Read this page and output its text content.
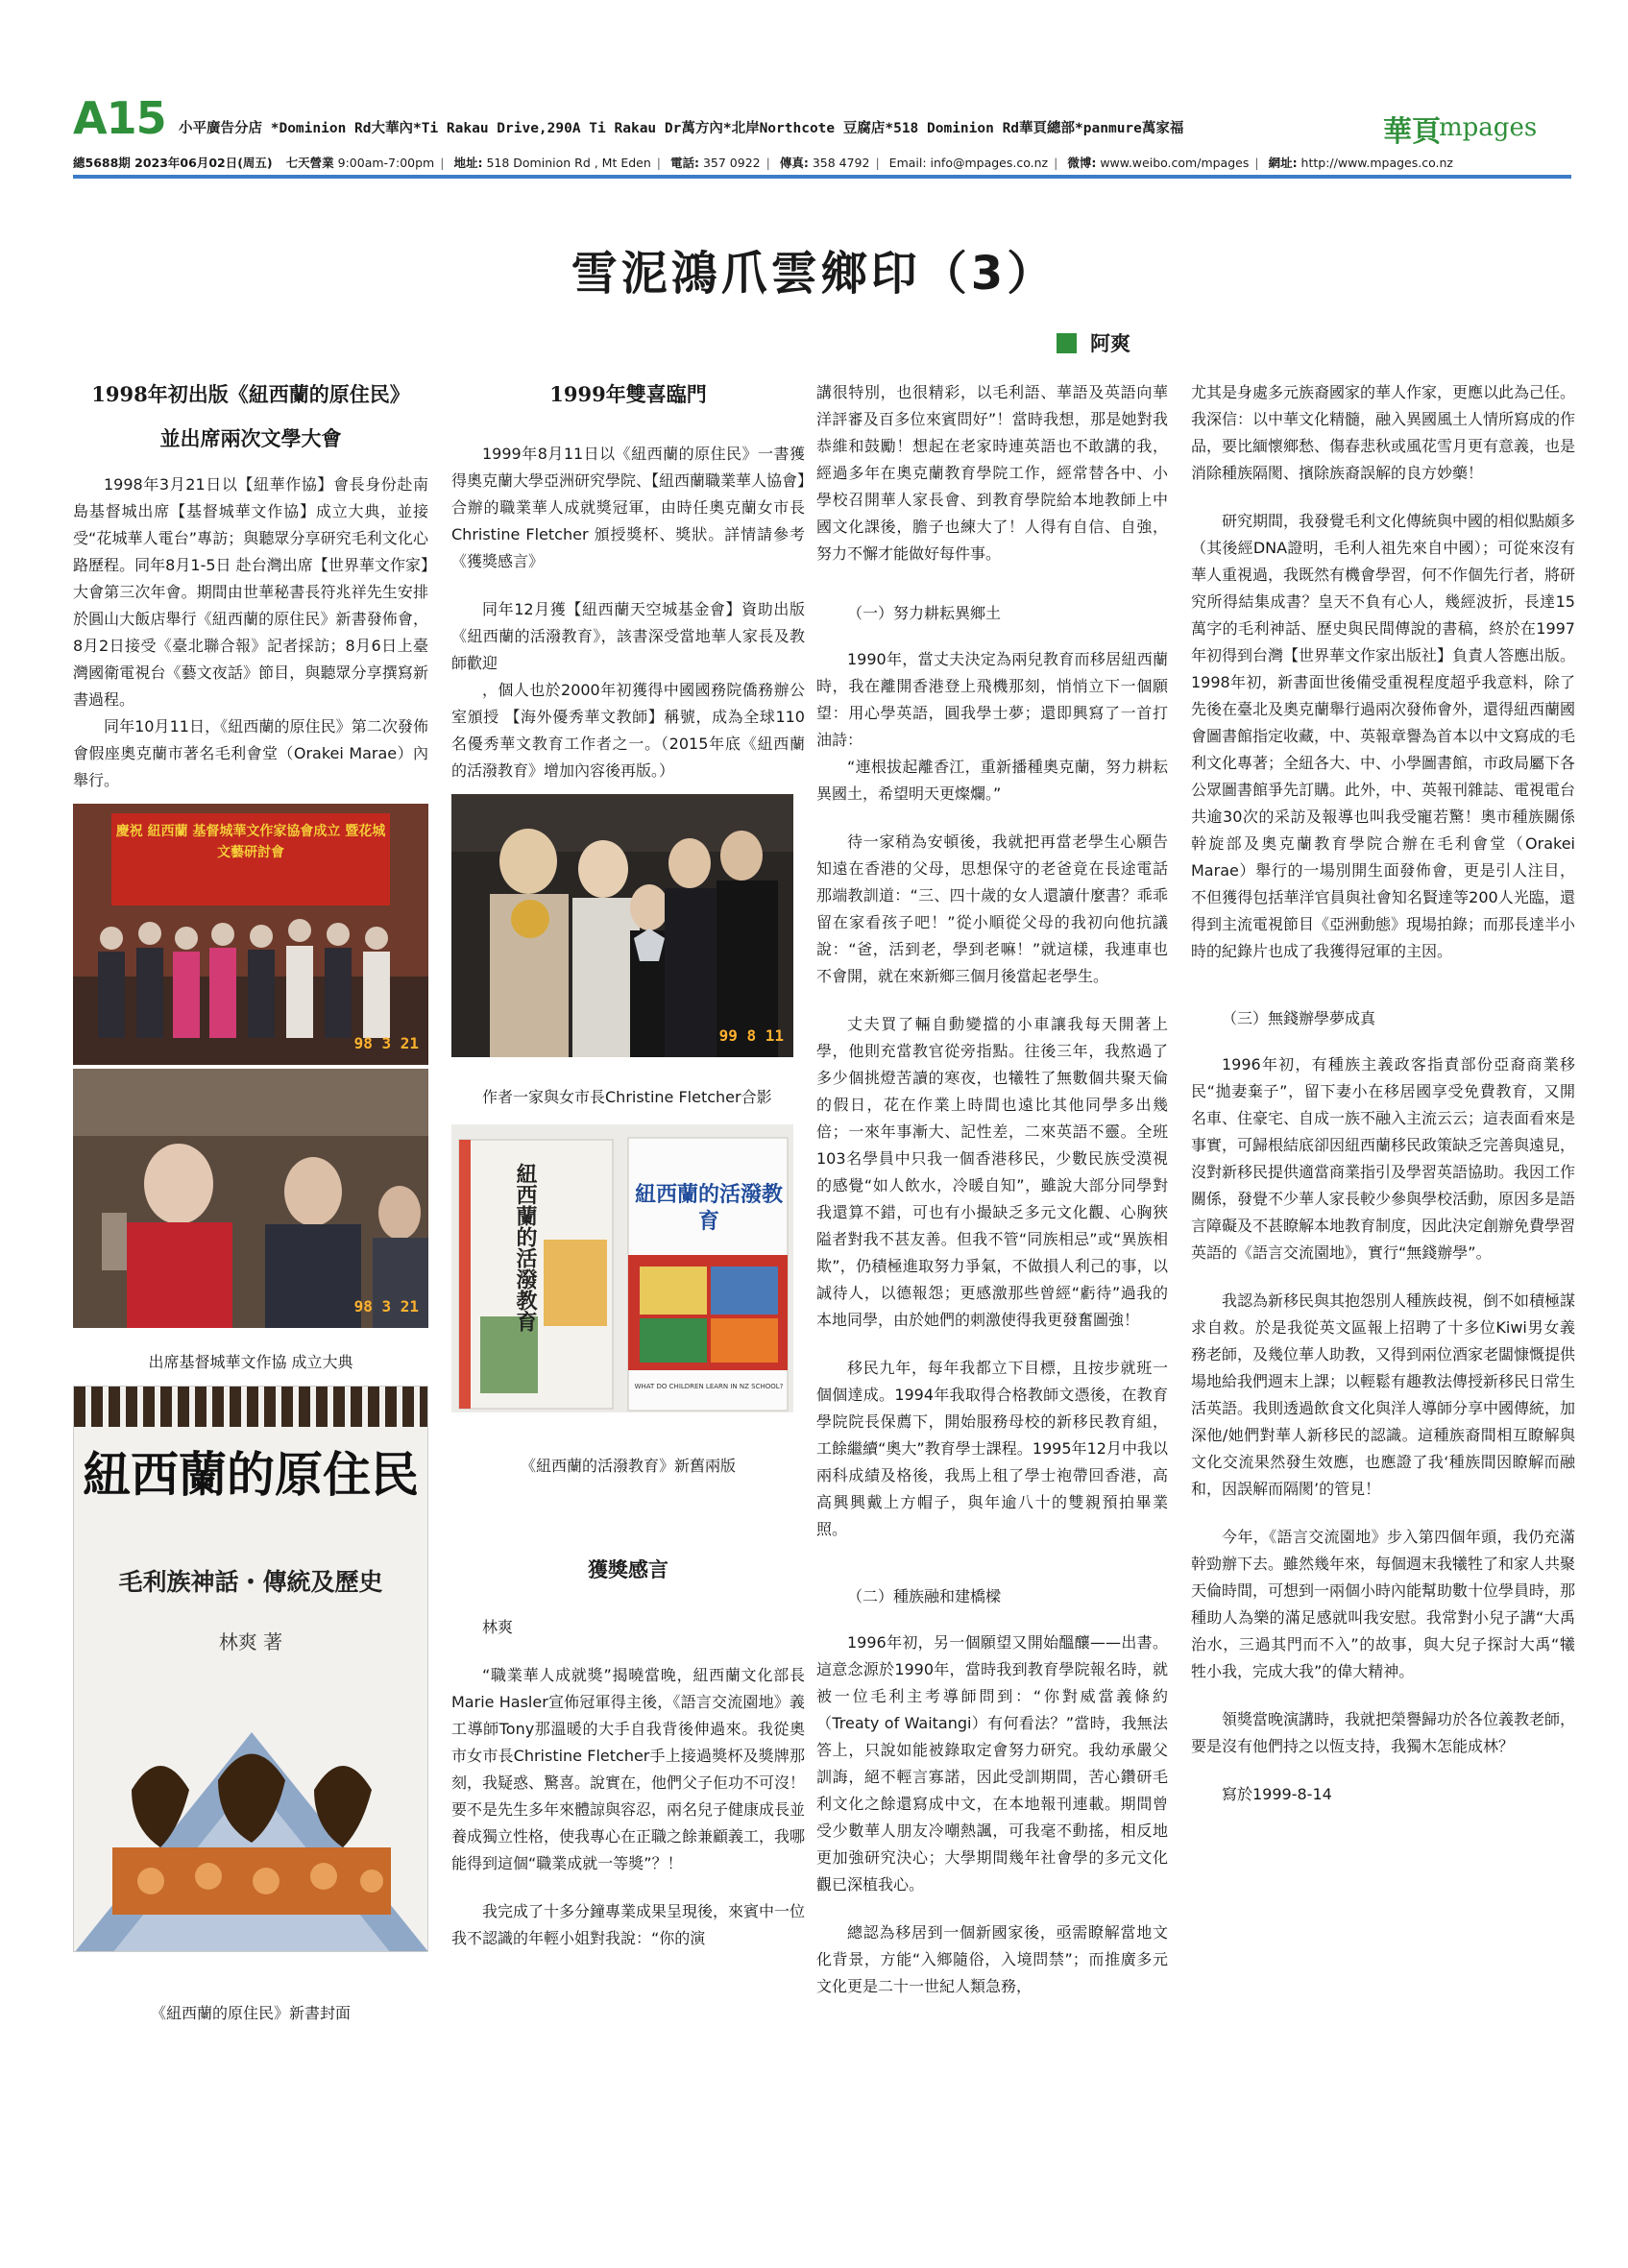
A15 小平廣告分店 *Dominion Rd大華內*Ti Rakau Drive,290A Ti Rakau Dr萬方內*北岸Northcote 豆腐店*518 Dominion Rd華頁總部*panmure萬家福	華頁
mpages
總5688期 2023年06月02日(周五) 七天營業 9:00am-7:00pm | 地址: 518 Dominion Rd , Mt Eden | 電話: 357 0922 | 傳真: 358 4792 | Email: info@mpages.co.nz | 微博: www.weibo.com/mpages | 網址: http://www.mpages.co.nz
雪泥鴻爪雲鄉印（3）
阿爽
1998年初出版《紐西蘭的原住民》
並出席兩次文學大會

1998年3月21日以【紐華作協】會長身份赴南島基督城出席【基督城華文作協】成立大典，並接受“花城華人電台”專訪；與聽眾分享研究毛利文化心路歷程。同年8月1-5日 赴台灣出席【世界華文作家】大會第三次年會。期間由世華秘書長符兆祥先生安排於圓山大飯店舉行《紐西蘭的原住民》新書發佈會，8月2日接受《臺北聯合報》記者採訪；8月6日上臺灣國衛電視台《藝文夜話》節目，與聽眾分享撰寫新書過程。

同年10月11日，《紐西蘭的原住民》第二次發佈會假座奧克蘭市著名毛利會堂（Orakei Marae）內舉行。

慶祝 紐西蘭 基督城華文作家協會成立 暨花城文藝研討會
98 3 21
98 3 21

出席基督城華文作協 成立大典

紐西蘭的原住民
毛利族神話・傳統及歷史
林爽 著

《紐西蘭的原住民》新書封面

1999年雙喜臨門

1999年8月11日以《紐西蘭的原住民》一書獲得奧克蘭大學亞洲研究學院、【紐西蘭職業華人協會】合辦的職業華人成就獎冠軍，由時任奧克蘭女市長Christine Fletcher 頒授獎杯、獎狀。詳情請參考《獲獎感言》

同年12月獲【紐西蘭天空城基金會】資助出版《紐西蘭的活潑教育》，該書深受當地華人家長及教師歡迎

，個人也於2000年初獲得中國國務院僑務辦公室頒授 【海外優秀華文教師】稱號，成為全球110名優秀華文教育工作者之一。（2015年底《紐西蘭的活潑教育》增加內容後再版。）

99 8 11

作者一家與女市長Christine Fletcher合影

紐西蘭的活潑教育	紐西蘭的活潑教育
WHAT DO CHILDREN LEARN IN NZ SCHOOL?

《紐西蘭的活潑教育》新舊兩版

獲獎感言

林爽

“職業華人成就獎”揭曉當晚，紐西蘭文化部長Marie Hasler宣佈冠軍得主後，《語言交流園地》義工導師Tony那溫暖的大手自我背後伸過來。我從奧市女市長Christine Fletcher手上接過獎杯及獎牌那刻，我疑惑、驚喜。說實在，他們父子佢功不可沒！要不是先生多年來體諒與容忍，兩名兒子健康成長並養成獨立性格，使我專心在正職之餘兼顧義工，我哪能得到這個“職業成就一等獎”？！

我完成了十多分鐘專業成果呈現後，來賓中一位我不認識的年輕小姐對我說：“你的演

講很特別，也很精彩，以毛利語、華語及英語向華洋評審及百多位來賓問好”！當時我想，那是她對我恭維和鼓勵！想起在老家時連英語也不敢講的我，經過多年在奧克蘭教育學院工作，經常替各中、小學校召開華人家長會、到教育學院給本地教師上中國文化課後，膽子也練大了！人得有自信、自強，努力不懈才能做好每件事。

（一）努力耕耘異鄉土

1990年，當丈夫決定為兩兒教育而移居紐西蘭時，我在離開香港登上飛機那刻，悄悄立下一個願望：用心學英語，圓我學士夢；還即興寫了一首打油詩：

“連根拔起離香江，重新播種奧克蘭，努力耕耘異國土，希望明天更燦爛。”

待一家稍為安頓後，我就把再當老學生心願告知遠在香港的父母，思想保守的老爸竟在長途電話那端教訓道：“三、四十歲的女人還讀什麼書？乖乖留在家看孩子吧！”從小順從父母的我初向他抗議說：“爸，活到老，學到老嘛！”就這樣，我連車也不會開，就在來新鄉三個月後當起老學生。

丈夫買了輛自動變擋的小車讓我每天開著上學，他則充當教官從旁指點。往後三年，我熬過了多少個挑燈苦讀的寒夜，也犧牲了無數個共聚天倫的假日，花在作業上時間也遠比其他同學多出幾倍；一來年事漸大、記性差，二來英語不靈。全班103名學員中只我一個香港移民，少數民族受漠視的感覺“如人飲水，冷暖自知”，雖說大部分同學對我還算不錯，可也有小撮缺乏多元文化觀、心胸狹隘者對我不甚友善。但我不管“同族相忌”或“異族相欺”，仍積極進取努力爭氣，不做損人利己的事，以誠待人，以德報怨；更感激那些曾經“虧待”過我的本地同學，由於她們的刺激使得我更發奮圖強！

移民九年，每年我都立下目標，且按步就班一個個達成。1994年我取得合格教師文憑後，在教育學院院長保薦下，開始服務母校的新移民教育組，工餘繼續“奧大”教育學士課程。1995年12月中我以兩科成績及格後，我馬上租了學士袍帶回香港，高高興興戴上方帽子，與年逾八十的雙親預拍畢業照。

（二）種族融和建橋樑

1996年初，另一個願望又開始醞釀——出書。這意念源於1990年，當時我到教育學院報名時，就被一位毛利主考導師問到：“你對威當義條約（Treaty of Waitangi）有何看法？”當時，我無法答上，只說如能被錄取定會努力研究。我幼承嚴父訓誨，絕不輕言寡諾，因此受訓期間，苦心鑽研毛利文化之餘還寫成中文，在本地報刊連載。期間曾受少數華人朋友冷嘲熱諷，可我毫不動搖，相反地更加強研究決心；大學期間幾年社會學的多元文化觀已深植我心。

總認為移居到一個新國家後，亟需瞭解當地文化背景，方能“入鄉隨俗，入境問禁”；而推廣多元文化更是二十一世紀人類急務，

尤其是身處多元族裔國家的華人作家，更應以此為己任。我深信：以中華文化精髓，融入異國風土人情所寫成的作品，要比緬懷鄉愁、傷春悲秋或風花雪月更有意義，也是消除種族隔閡、擯除族裔誤解的良方妙藥！

研究期間，我發覺毛利文化傳統與中國的相似點頗多（其後經DNA證明，毛利人祖先來自中國）；可從來沒有華人重視過，我既然有機會學習，何不作個先行者，將研究所得結集成書？皇天不負有心人，幾經波折，長達15萬字的毛利神話、歷史與民間傳說的書稿，終於在1997年初得到台灣【世界華文作家出版社】負責人答應出版。1998年初，新書面世後備受重視程度超乎我意料，除了先後在臺北及奧克蘭舉行過兩次發佈會外，還得紐西蘭國會圖書館指定收藏，中、英報章譽為首本以中文寫成的毛利文化專著；全紐各大、中、小學圖書館，市政局屬下各公眾圖書館爭先訂購。此外，中、英報刊雜誌、電視電台共逾30次的采訪及報導也叫我受寵若驚！奧市種族關係幹旋部及奧克蘭教育學院合辦在毛利會堂（Orakei Marae）舉行的一場別開生面發佈會，更是引人注目，不但獲得包括華洋官員與社會知名賢達等200人光臨，還得到主流電視節目《亞洲動態》現場拍錄；而那長達半小時的紀錄片也成了我獲得冠軍的主因。

（三）無錢辦學夢成真

1996年初，有種族主義政客指責部份亞裔商業移民“拋妻棄子”，留下妻小在移居國享受免費教育，又開名車、住豪宅、自成一族不融入主流云云；這表面看來是事實，可歸根結底卻因紐西蘭移民政策缺乏完善與遠見，沒對新移民提供適當商業指引及學習英語協助。我因工作關係，發覺不少華人家長較少參與學校活動，原因多是語言障礙及不甚瞭解本地教育制度，因此決定創辦免費學習英語的《語言交流園地》，實行“無錢辦學”。

我認為新移民與其抱怨別人種族歧視，倒不如積極謀求自救。於是我從英文區報上招聘了十多位Kiwi男女義務老師，及幾位華人助教，又得到兩位酒家老闆慷慨提供場地給我們週末上課；以輕鬆有趣教法傳授新移民日常生活英語。我則透過飲食文化與洋人導師分享中國傳統，加深他/她們對華人新移民的認識。這種族裔間相互瞭解與文化交流果然發生效應，也應證了我‘種族間因瞭解而融和，因誤解而隔閡’的管見！

今年，《語言交流園地》步入第四個年頭，我仍充滿幹勁辦下去。雖然幾年來，每個週末我犧牲了和家人共聚天倫時間，可想到一兩個小時內能幫助數十位學員時，那種助人為樂的滿足感就叫我安慰。我常對小兒子講“大禹治水，三過其門而不入”的故事，與大兒子探討大禹“犧牲小我，完成大我”的偉大精神。

領獎當晚演講時，我就把榮譽歸功於各位義教老師，要是沒有他們持之以恆支持，我獨木怎能成林？

寫於1999-8-14
